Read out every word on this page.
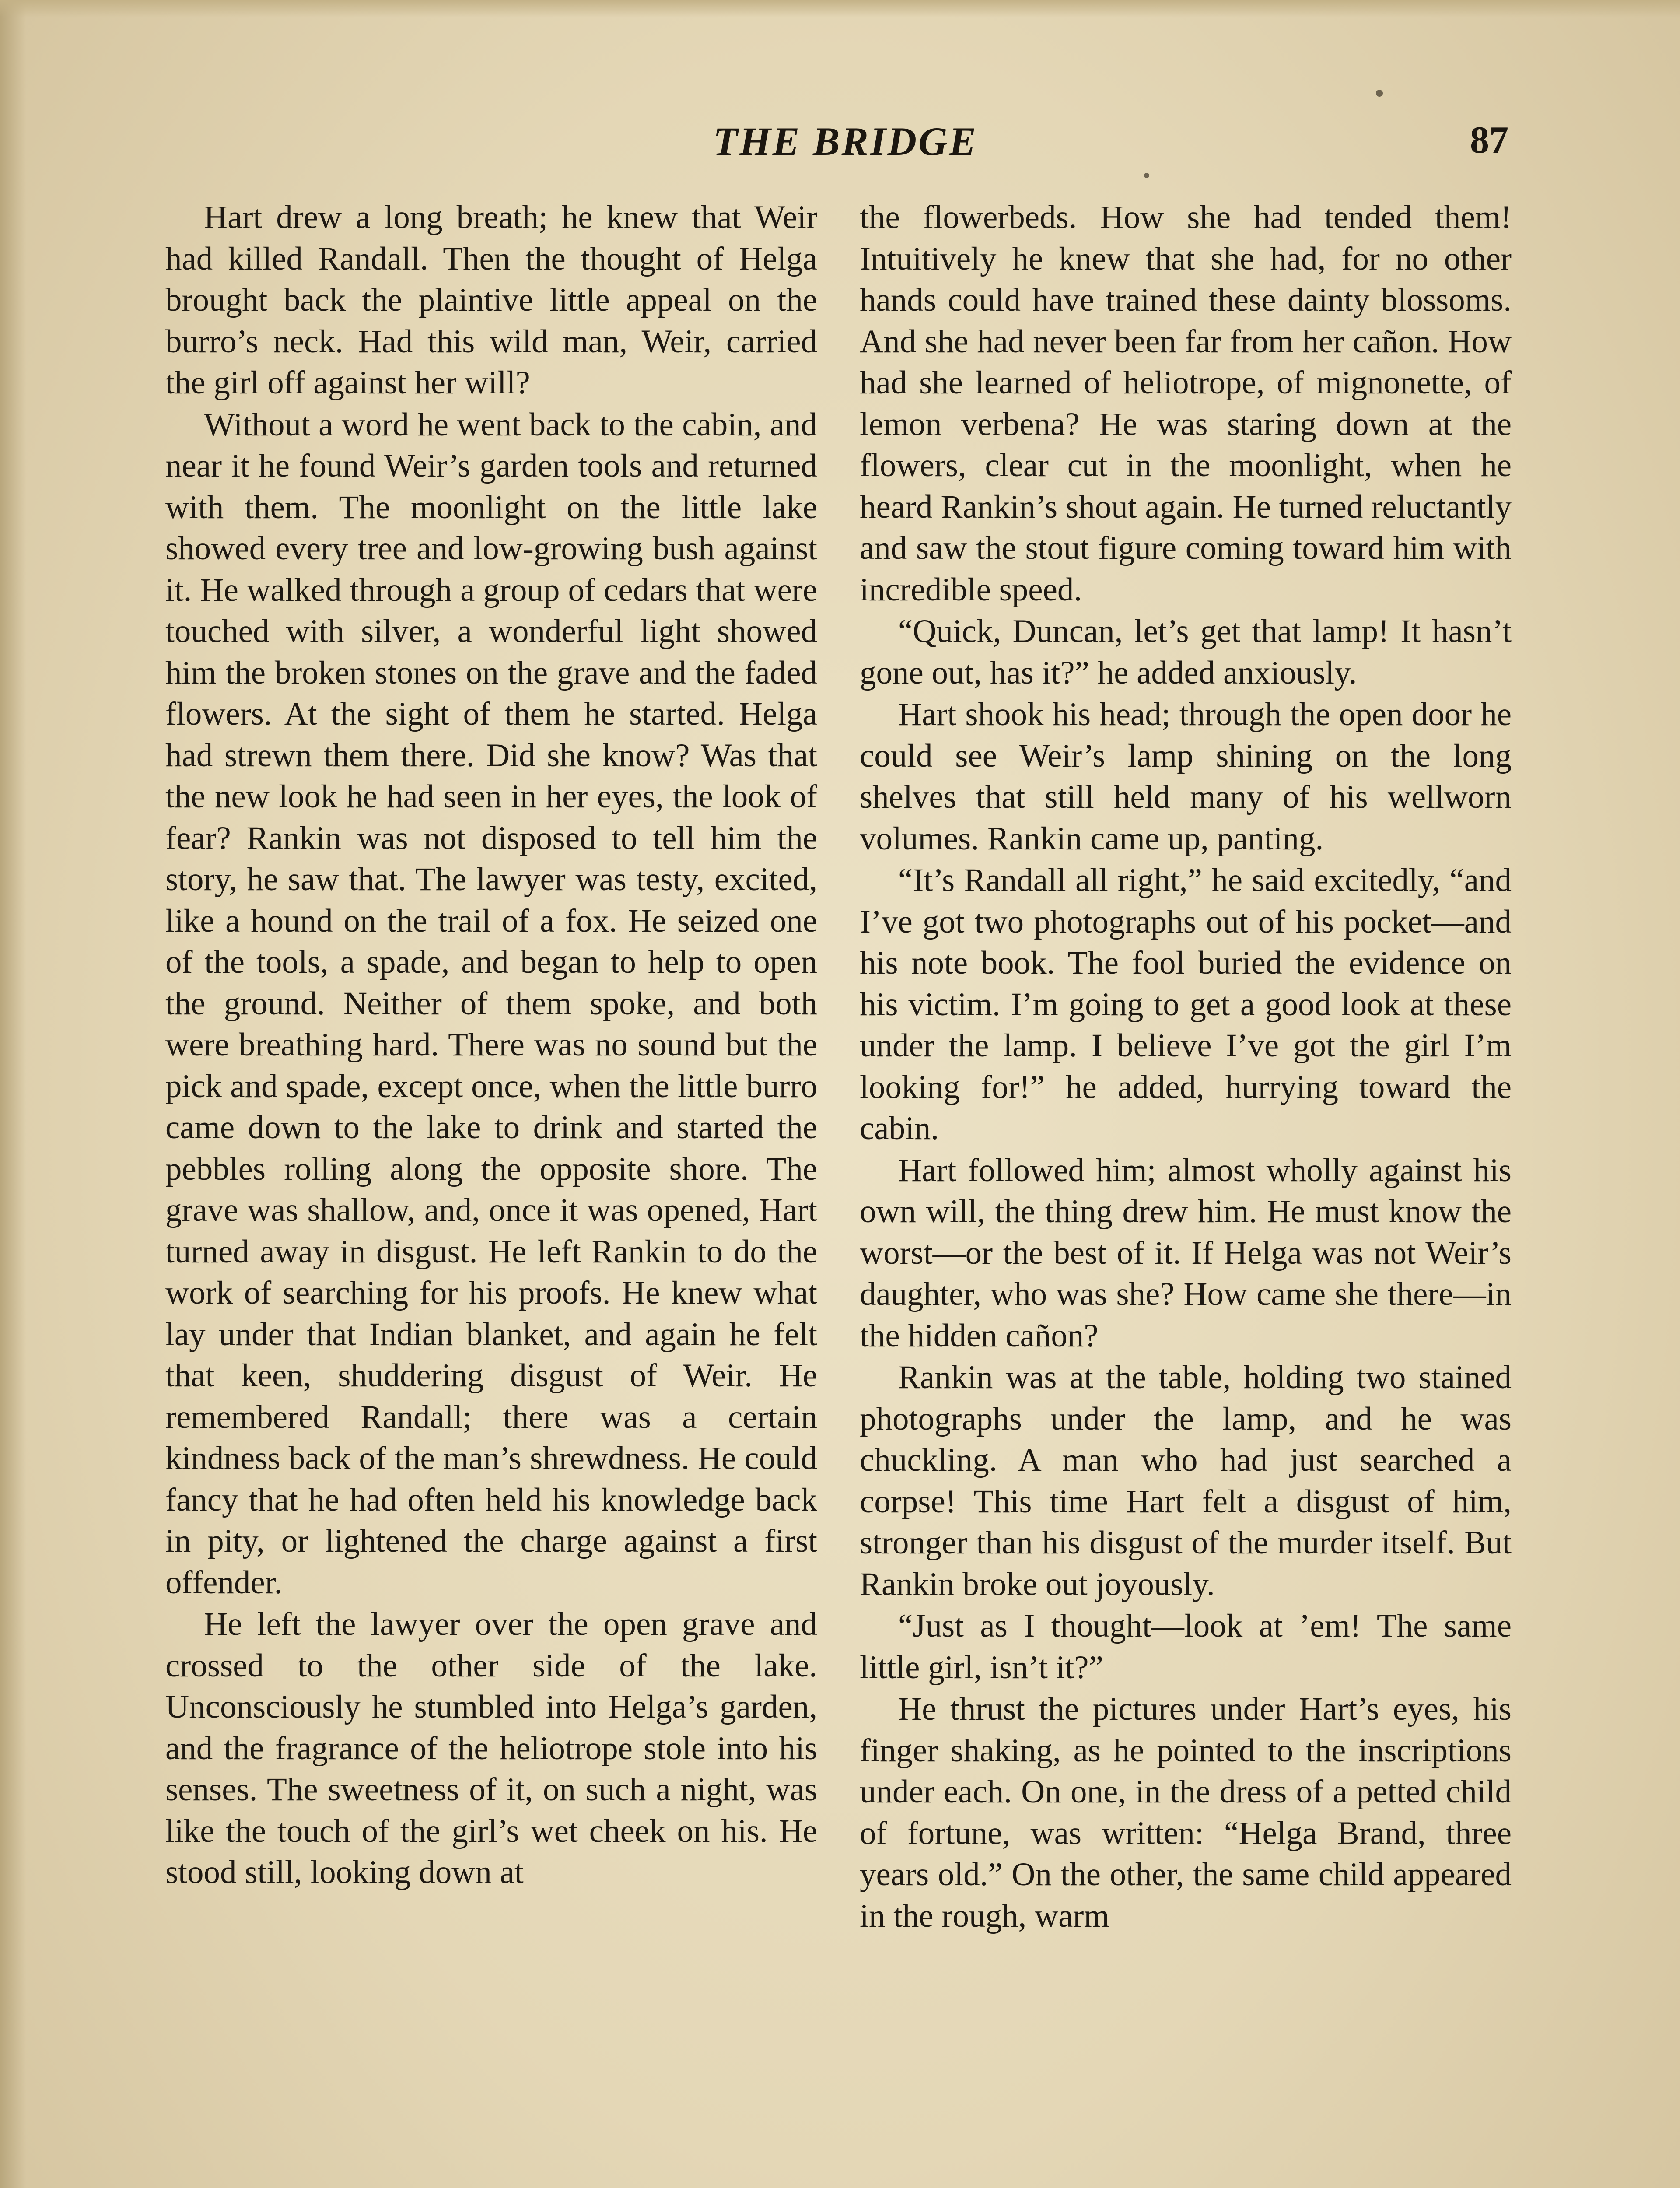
THE BRIDGE	87

Hart drew a long breath; he knew that Weir had killed Randall. Then the thought of Helga brought back the plaintive little appeal on the burro’s neck. Had this wild man, Weir, carried the girl off against her will?

Without a word he went back to the cabin, and near it he found Weir’s garden tools and returned with them. The moonlight on the little lake showed every tree and low-growing bush against it. He walked through a group of cedars that were touched with silver, a wonderful light showed him the broken stones on the grave and the faded flowers. At the sight of them he started. Helga had strewn them there. Did she know? Was that the new look he had seen in her eyes, the look of fear? Rankin was not disposed to tell him the story, he saw that. The lawyer was testy, excited, like a hound on the trail of a fox. He seized one of the tools, a spade, and began to help to open the ground. Neither of them spoke, and both were breathing hard. There was no sound but the pick and spade, except once, when the little burro came down to the lake to drink and started the pebbles rolling along the opposite shore. The grave was shallow, and, once it was opened, Hart turned away in disgust. He left Rankin to do the work of searching for his proofs. He knew what lay under that Indian blanket, and again he felt that keen, shuddering disgust of Weir. He remembered Randall; there was a certain kindness back of the man’s shrewdness. He could fancy that he had often held his knowledge back in pity, or lightened the charge against a first offender.

He left the lawyer over the open grave and crossed to the other side of the lake. Unconsciously he stumbled into Helga’s garden, and the fragrance of the heliotrope stole into his senses. The sweetness of it, on such a night, was like the touch of the girl’s wet cheek on his. He stood still, looking down at

the flowerbeds. How she had tended them! Intuitively he knew that she had, for no other hands could have trained these dainty blossoms. And she had never been far from her cañon. How had she learned of heliotrope, of mignonette, of lemon verbena? He was staring down at the flowers, clear cut in the moonlight, when he heard Rankin’s shout again. He turned reluctantly and saw the stout figure coming toward him with incredible speed.

“Quick, Duncan, let’s get that lamp! It hasn’t gone out, has it?” he added anxiously.

Hart shook his head; through the open door he could see Weir’s lamp shining on the long shelves that still held many of his wellworn volumes. Rankin came up, panting.

“It’s Randall all right,” he said excitedly, “and I’ve got two photographs out of his pocket—and his note book. The fool buried the evidence on his victim. I’m going to get a good look at these under the lamp. I believe I’ve got the girl I’m looking for!” he added, hurrying toward the cabin.

Hart followed him; almost wholly against his own will, the thing drew him. He must know the worst—or the best of it. If Helga was not Weir’s daughter, who was she? How came she there—in the hidden cañon?

Rankin was at the table, holding two stained photographs under the lamp, and he was chuckling. A man who had just searched a corpse! This time Hart felt a disgust of him, stronger than his disgust of the murder itself. But Rankin broke out joyously.

“Just as I thought—look at ’em! The same little girl, isn’t it?”

He thrust the pictures under Hart’s eyes, his finger shaking, as he pointed to the inscriptions under each. On one, in the dress of a petted child of fortune, was written: “Helga Brand, three years old.” On the other, the same child appeared in the rough, warm
